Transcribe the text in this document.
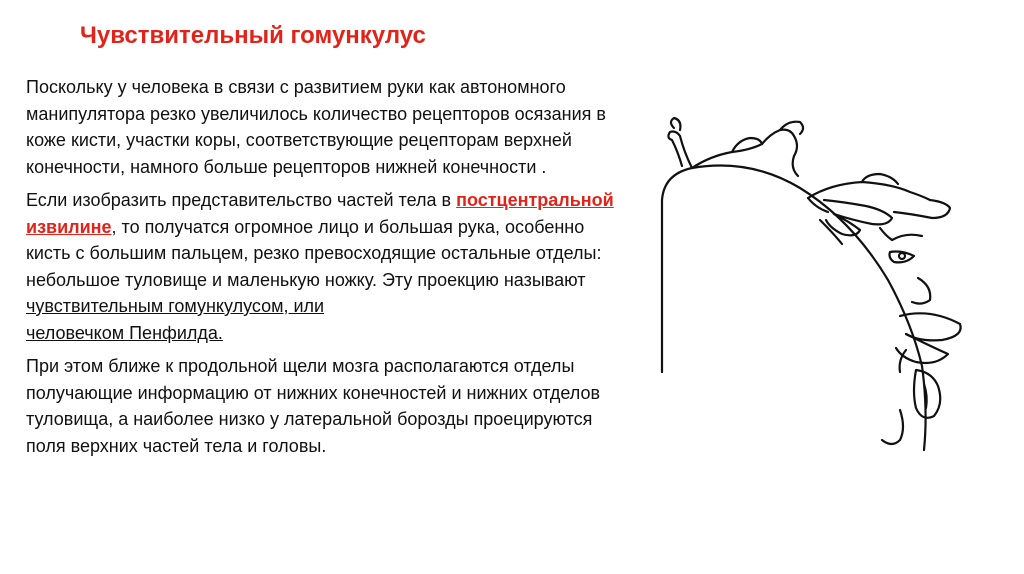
Чувствительный гомункулус

Поскольку у человека в связи с развитием руки как автономного манипулятора резко увеличилось количество рецепторов осязания в коже кисти, участки коры, соответствующие рецепторам верхней конечности, намного больше рецепторов нижней конечности .

Если изобразить представительство частей тела в постцентральной извилине, то получатся огромное лицо и большая рука, особенно кисть с большим пальцем, резко превосходящие остальные отделы: небольшое туловище и маленькую ножку. Эту проекцию называют чувствительным гомункулусом, или
человечком Пенфилда.

При этом ближе к продольной щели мозга располагаются отделы получающие информацию от нижних конечностей и нижних отделов туловища, а наиболее низко у латеральной борозды проецируются поля верхних частей тела и головы.
